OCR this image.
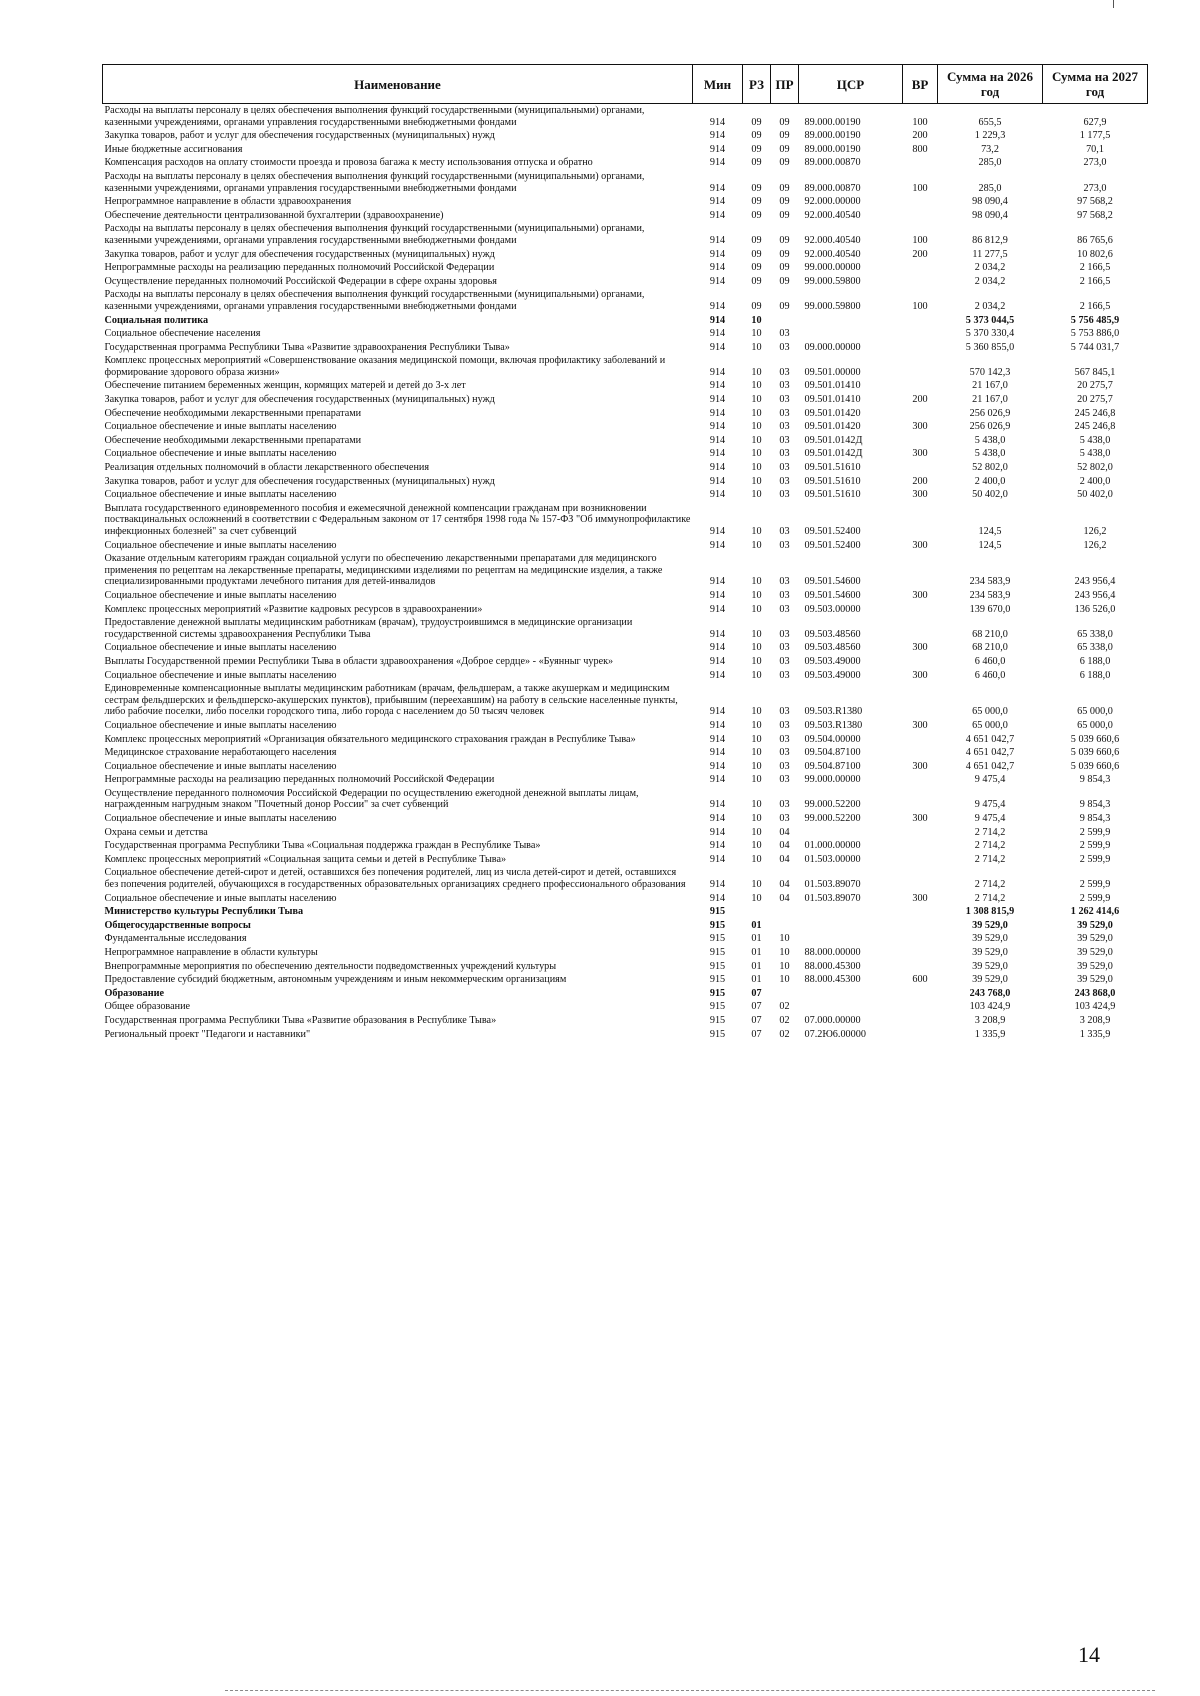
Наименование	Мин	РЗ	ПР	ЦСР	ВР	Сумма на 2026 год	Сумма на 2027 год
Расходы на выплаты персоналу в целях обеспечения выполнения функций государственными (муниципальными) органами, казенными учреждениями, органами управления государственными внебюджетными фондами	914	09	09	89.000.00190	100	655,5	627,9
Закупка товаров, работ и услуг для обеспечения государственных (муниципальных) нужд	914	09	09	89.000.00190	200	1 229,3	1 177,5
Иные бюджетные ассигнования	914	09	09	89.000.00190	800	73,2	70,1
Компенсация расходов на оплату стоимости проезда и провоза багажа к месту использования отпуска и обратно	914	09	09	89.000.00870		285,0	273,0
Расходы на выплаты персоналу в целях обеспечения выполнения функций государственными (муниципальными) органами, казенными учреждениями, органами управления государственными внебюджетными фондами	914	09	09	89.000.00870	100	285,0	273,0
Непрограммное направление в области здравоохранения	914	09	09	92.000.00000		98 090,4	97 568,2
Обеспечение деятельности централизованной бухгалтерии (здравоохранение)	914	09	09	92.000.40540		98 090,4	97 568,2
Расходы на выплаты персоналу в целях обеспечения выполнения функций государственными (муниципальными) органами, казенными учреждениями, органами управления государственными внебюджетными фондами	914	09	09	92.000.40540	100	86 812,9	86 765,6
Закупка товаров, работ и услуг для обеспечения государственных (муниципальных) нужд	914	09	09	92.000.40540	200	11 277,5	10 802,6
Непрограммные расходы на реализацию переданных полномочий Российской Федерации	914	09	09	99.000.00000		2 034,2	2 166,5
Осуществление переданных полномочий Российской Федерации в сфере охраны здоровья	914	09	09	99.000.59800		2 034,2	2 166,5
Расходы на выплаты персоналу в целях обеспечения выполнения функций государственными (муниципальными) органами, казенными учреждениями, органами управления государственными внебюджетными фондами	914	09	09	99.000.59800	100	2 034,2	2 166,5
Социальная политика	914	10				5 373 044,5	5 756 485,9
Социальное обеспечение населения	914	10	03			5 370 330,4	5 753 886,0
Государственная программа Республики Тыва «Развитие здравоохранения Республики Тыва»	914	10	03	09.000.00000		5 360 855,0	5 744 031,7
Комплекс процессных мероприятий «Совершенствование оказания медицинской помощи, включая профилактику заболеваний и формирование здорового образа жизни»	914	10	03	09.501.00000		570 142,3	567 845,1
Обеспечение питанием беременных женщин, кормящих матерей и детей до 3-х лет	914	10	03	09.501.01410		21 167,0	20 275,7
Закупка товаров, работ и услуг для обеспечения государственных (муниципальных) нужд	914	10	03	09.501.01410	200	21 167,0	20 275,7
Обеспечение необходимыми лекарственными препаратами	914	10	03	09.501.01420		256 026,9	245 246,8
Социальное обеспечение и иные выплаты населению	914	10	03	09.501.01420	300	256 026,9	245 246,8
Обеспечение необходимыми лекарственными препаратами	914	10	03	09.501.0142Д		5 438,0	5 438,0
Социальное обеспечение и иные выплаты населению	914	10	03	09.501.0142Д	300	5 438,0	5 438,0
Реализация отдельных полномочий в области лекарственного обеспечения	914	10	03	09.501.51610		52 802,0	52 802,0
Закупка товаров, работ и услуг для обеспечения государственных (муниципальных) нужд	914	10	03	09.501.51610	200	2 400,0	2 400,0
Социальное обеспечение и иные выплаты населению	914	10	03	09.501.51610	300	50 402,0	50 402,0
Выплата государственного единовременного пособия и ежемесячной денежной компенсации гражданам при возникновении поствакцинальных осложнений в соответствии с Федеральным законом от 17 сентября 1998 года № 157-ФЗ "Об иммунопрофилактике инфекционных болезней" за счет субвенций	914	10	03	09.501.52400		124,5	126,2
Социальное обеспечение и иные выплаты населению	914	10	03	09.501.52400	300	124,5	126,2
Оказание отдельным категориям граждан социальной услуги по обеспечению лекарственными препаратами для медицинского применения по рецептам на лекарственные препараты, медицинскими изделиями по рецептам на медицинские изделия, а также специализированными продуктами лечебного питания для детей-инвалидов	914	10	03	09.501.54600		234 583,9	243 956,4
Социальное обеспечение и иные выплаты населению	914	10	03	09.501.54600	300	234 583,9	243 956,4
Комплекс процессных мероприятий «Развитие кадровых ресурсов в здравоохранении»	914	10	03	09.503.00000		139 670,0	136 526,0
Предоставление денежной выплаты медицинским работникам (врачам), трудоустроившимся в медицинские организации государственной системы здравоохранения Республики Тыва	914	10	03	09.503.48560		68 210,0	65 338,0
Социальное обеспечение и иные выплаты населению	914	10	03	09.503.48560	300	68 210,0	65 338,0
Выплаты Государственной премии Республики Тыва в области здравоохранения «Доброе сердце» - «Буянныг чурек»	914	10	03	09.503.49000		6 460,0	6 188,0
Социальное обеспечение и иные выплаты населению	914	10	03	09.503.49000	300	6 460,0	6 188,0
Единовременные компенсационные выплаты медицинским работникам (врачам, фельдшерам, а также акушеркам и медицинским сестрам фельдшерских и фельдшерско-акушерских пунктов), прибывшим (переехавшим) на работу в сельские населенные пункты, либо рабочие поселки, либо поселки городского типа, либо города с населением до 50 тысяч человек	914	10	03	09.503.R1380		65 000,0	65 000,0
Социальное обеспечение и иные выплаты населению	914	10	03	09.503.R1380	300	65 000,0	65 000,0
Комплекс процессных мероприятий «Организация обязательного медицинского страхования граждан в Республике Тыва»	914	10	03	09.504.00000		4 651 042,7	5 039 660,6
Медицинское страхование неработающего населения	914	10	03	09.504.87100		4 651 042,7	5 039 660,6
Социальное обеспечение и иные выплаты населению	914	10	03	09.504.87100	300	4 651 042,7	5 039 660,6
Непрограммные расходы на реализацию переданных полномочий Российской Федерации	914	10	03	99.000.00000		9 475,4	9 854,3
Осуществление переданного полномочия Российской Федерации по осуществлению ежегодной денежной выплаты лицам, награжденным нагрудным знаком "Почетный донор России" за счет субвенций	914	10	03	99.000.52200		9 475,4	9 854,3
Социальное обеспечение и иные выплаты населению	914	10	03	99.000.52200	300	9 475,4	9 854,3
Охрана семьи и детства	914	10	04			2 714,2	2 599,9
Государственная программа Республики Тыва «Социальная поддержка граждан в Республике Тыва»	914	10	04	01.000.00000		2 714,2	2 599,9
Комплекс процессных мероприятий «Социальная защита семьи и детей в Республике Тыва»	914	10	04	01.503.00000		2 714,2	2 599,9
Социальное обеспечение детей-сирот и детей, оставшихся без попечения родителей, лиц из числа детей-сирот и детей, оставшихся без попечения родителей, обучающихся в государственных образовательных организациях среднего профессионального образования	914	10	04	01.503.89070		2 714,2	2 599,9
Социальное обеспечение и иные выплаты населению	914	10	04	01.503.89070	300	2 714,2	2 599,9
Министерство культуры Республики Тыва	915					1 308 815,9	1 262 414,6
Общегосударственные вопросы	915	01				39 529,0	39 529,0
Фундаментальные исследования	915	01	10			39 529,0	39 529,0
Непрограммное направление в области культуры	915	01	10	88.000.00000		39 529,0	39 529,0
Внепрограммные мероприятия по обеспечению деятельности подведомственных учреждений культуры	915	01	10	88.000.45300		39 529,0	39 529,0
Предоставление субсидий бюджетным, автономным учреждениям и иным некоммерческим организациям	915	01	10	88.000.45300	600	39 529,0	39 529,0
Образование	915	07				243 768,0	243 868,0
Общее образование	915	07	02			103 424,9	103 424,9
Государственная программа Республики Тыва «Развитие образования в Республике Тыва»	915	07	02	07.000.00000		3 208,9	3 208,9
Региональный проект "Педагоги и наставники"	915	07	02	07.2Ю6.00000		1 335,9	1 335,9
14
